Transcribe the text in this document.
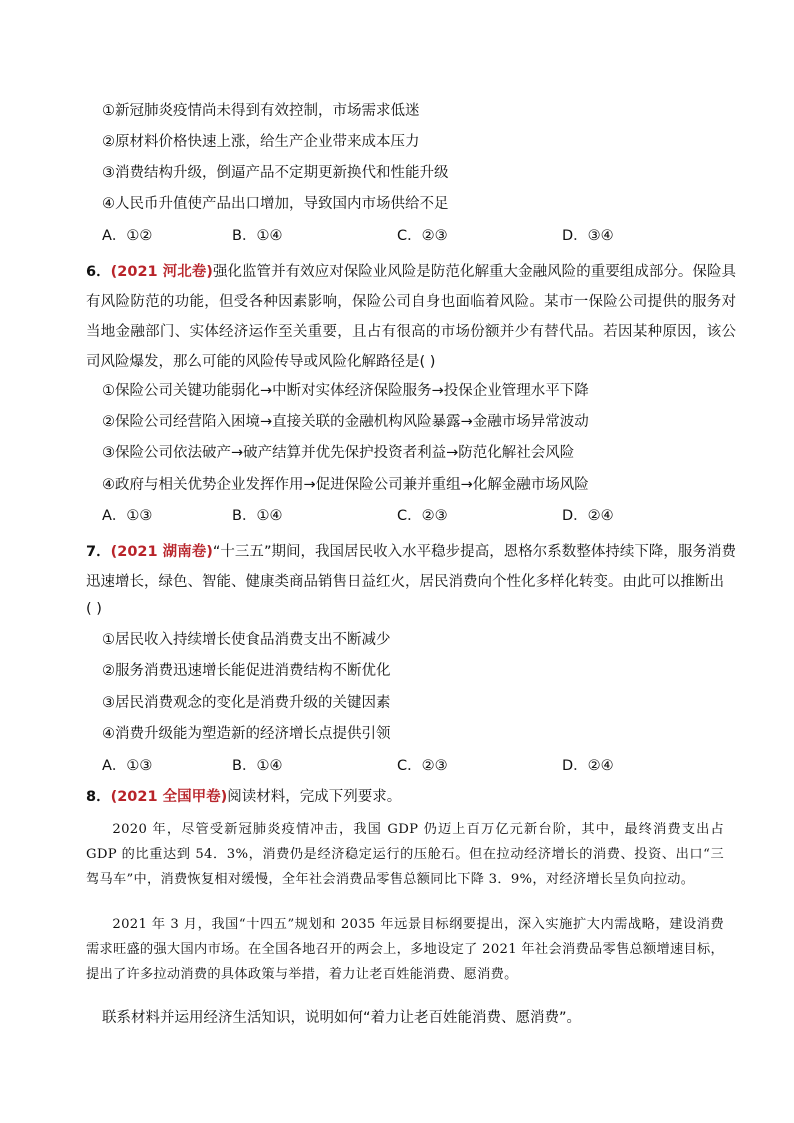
①新冠肺炎疫情尚未得到有效控制，市场需求低迷
②原材料价格快速上涨，给生产企业带来成本压力
③消费结构升级，倒逼产品不定期更新换代和性能升级
④人民币升值使产品出口增加，导致国内市场供给不足
A．①②	B．①④	C．②③	D．③④
6．(2021 河北卷)强化监管并有效应对保险业风险是防范化解重大金融风险的重要组成部分。保险具有风险防范的功能，但受各种因素影响，保险公司自身也面临着风险。某市一保险公司提供的服务对当地金融部门、实体经济运作至关重要，且占有很高的市场份额并少有替代品。若因某种原因，该公司风险爆发，那么可能的风险传导或风险化解路径是( )
①保险公司关键功能弱化→中断对实体经济保险服务→投保企业管理水平下降
②保险公司经营陷入困境→直接关联的金融机构风险暴露→金融市场异常波动
③保险公司依法破产→破产结算并优先保护投资者利益→防范化解社会风险
④政府与相关优势企业发挥作用→促进保险公司兼并重组→化解金融市场风险
A．①③	B．①④	C．②③	D．②④
7．(2021 湖南卷)“十三五”期间，我国居民收入水平稳步提高，恩格尔系数整体持续下降，服务消费迅速增长，绿色、智能、健康类商品销售日益红火，居民消费向个性化多样化转变。由此可以推断出
( )
①居民收入持续增长使食品消费支出不断减少
②服务消费迅速增长能促进消费结构不断优化
③居民消费观念的变化是消费升级的关键因素
④消费升级能为塑造新的经济增长点提供引领
A．①③	B．①④	C．②③	D．②④
8．(2021 全国甲卷)阅读材料，完成下列要求。
2020 年，尽管受新冠肺炎疫情冲击，我国 GDP 仍迈上百万亿元新台阶，其中，最终消费支出占 GDP 的比重达到 54．3%，消费仍是经济稳定运行的压舱石。但在拉动经济增长的消费、投资、出口“三驾马车”中，消费恢复相对缓慢，全年社会消费品零售总额同比下降 3．9%，对经济增长呈负向拉动。
2021 年 3 月，我国“十四五”规划和 2035 年远景目标纲要提出，深入实施扩大内需战略，建设消费需求旺盛的强大国内市场。在全国各地召开的两会上，多地设定了 2021 年社会消费品零售总额增速目标，提出了许多拉动消费的具体政策与举措，着力让老百姓能消费、愿消费。
联系材料并运用经济生活知识，说明如何“着力让老百姓能消费、愿消费”。
